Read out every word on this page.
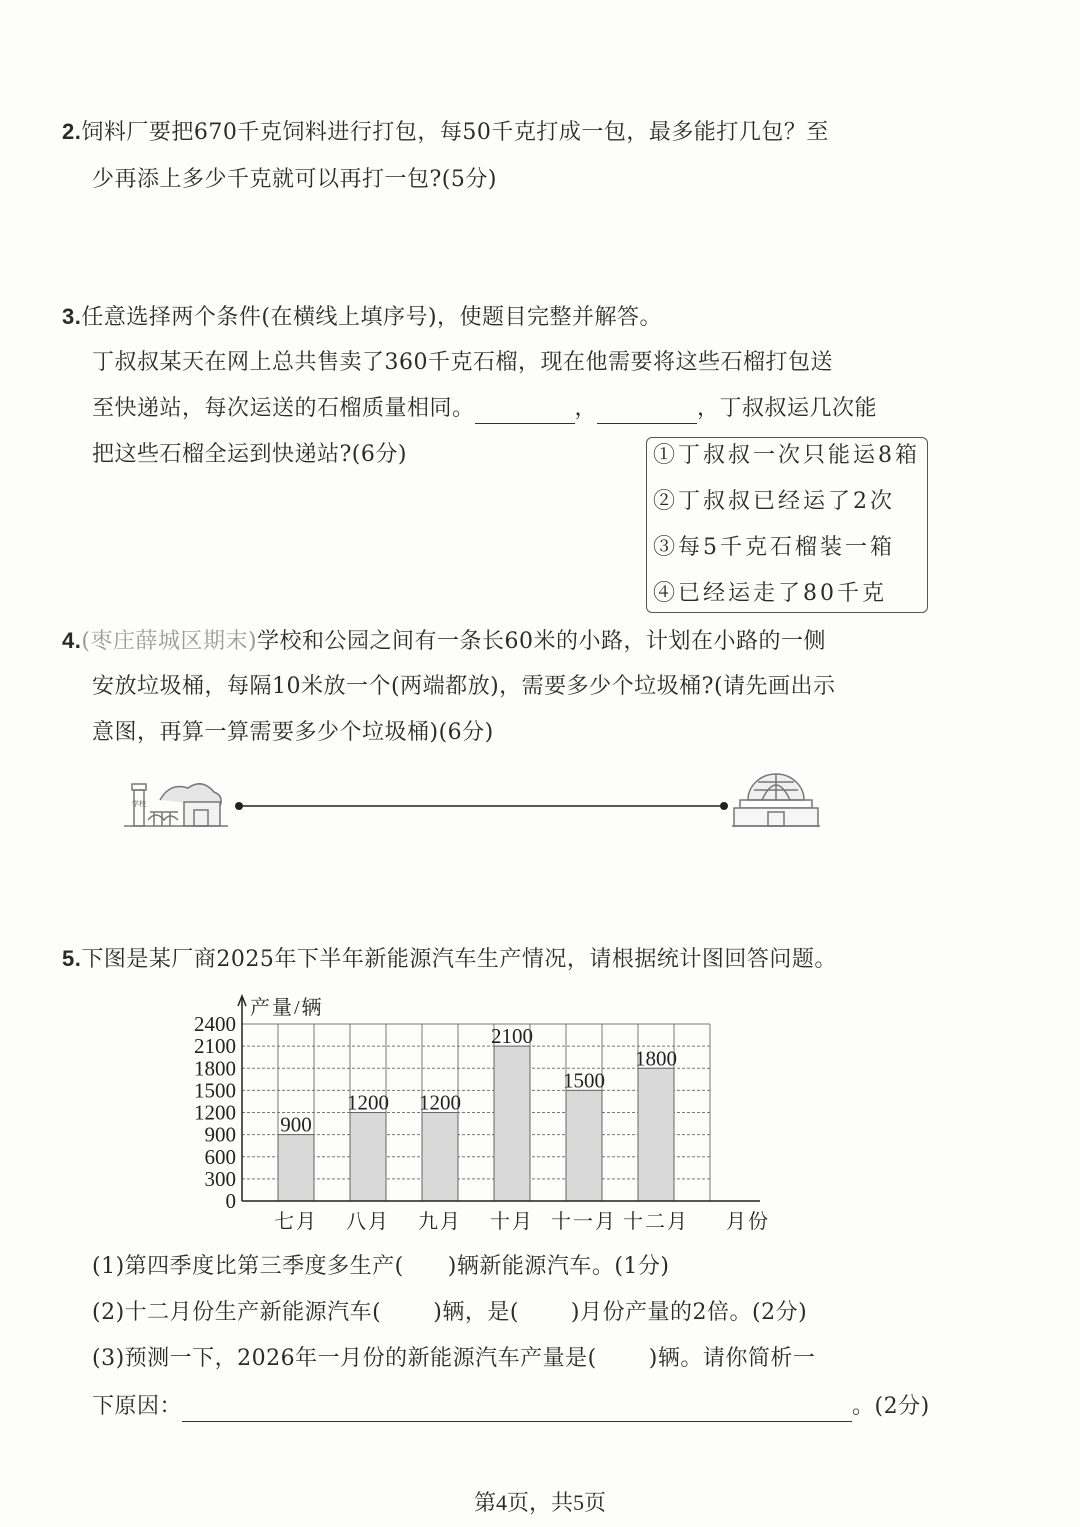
2.饲料厂要把670千克饲料进行打包，每50千克打成一包，最多能打几包？至
少再添上多少千克就可以再打一包?(5分)
3.任意选择两个条件(在横线上填序号)，使题目完整并解答。
丁叔叔某天在网上总共售卖了360千克石榴，现在他需要将这些石榴打包送
至快递站，每次运送的石榴质量相同。	，	，丁叔叔运几次能
把这些石榴全运到快递站?(6分)	①丁叔叔一次只能运8箱
②丁叔叔已经运了2次
③每5千克石榴装一箱
④已经运走了80千克
4.(枣庄薛城区期末)学校和公园之间有一条长60米的小路，计划在小路的一侧
安放垃圾桶，每隔10米放一个(两端都放)，需要多少个垃圾桶?(请先画出示
意图，再算一算需要多少个垃圾桶)(6分)
学校
5.下图是某厂商2025年下半年新能源汽车生产情况，请根据统计图回答问题。
0
300
600
900
1200
1500
1800
2100
2400
900
七月
1200
八月
1200
九月
2100
十月
1500
十一月
1800
十二月
产量/辆
月份
(1)第四季度比第三季度多生产( )辆新能源汽车。(1分)
(2)十二月份生产新能源汽车( )辆，是( )月份产量的2倍。(2分)
(3)预测一下，2026年一月份的新能源汽车产量是( )辆。请你简析一
下原因：	。(2分)
第4页，共5页
